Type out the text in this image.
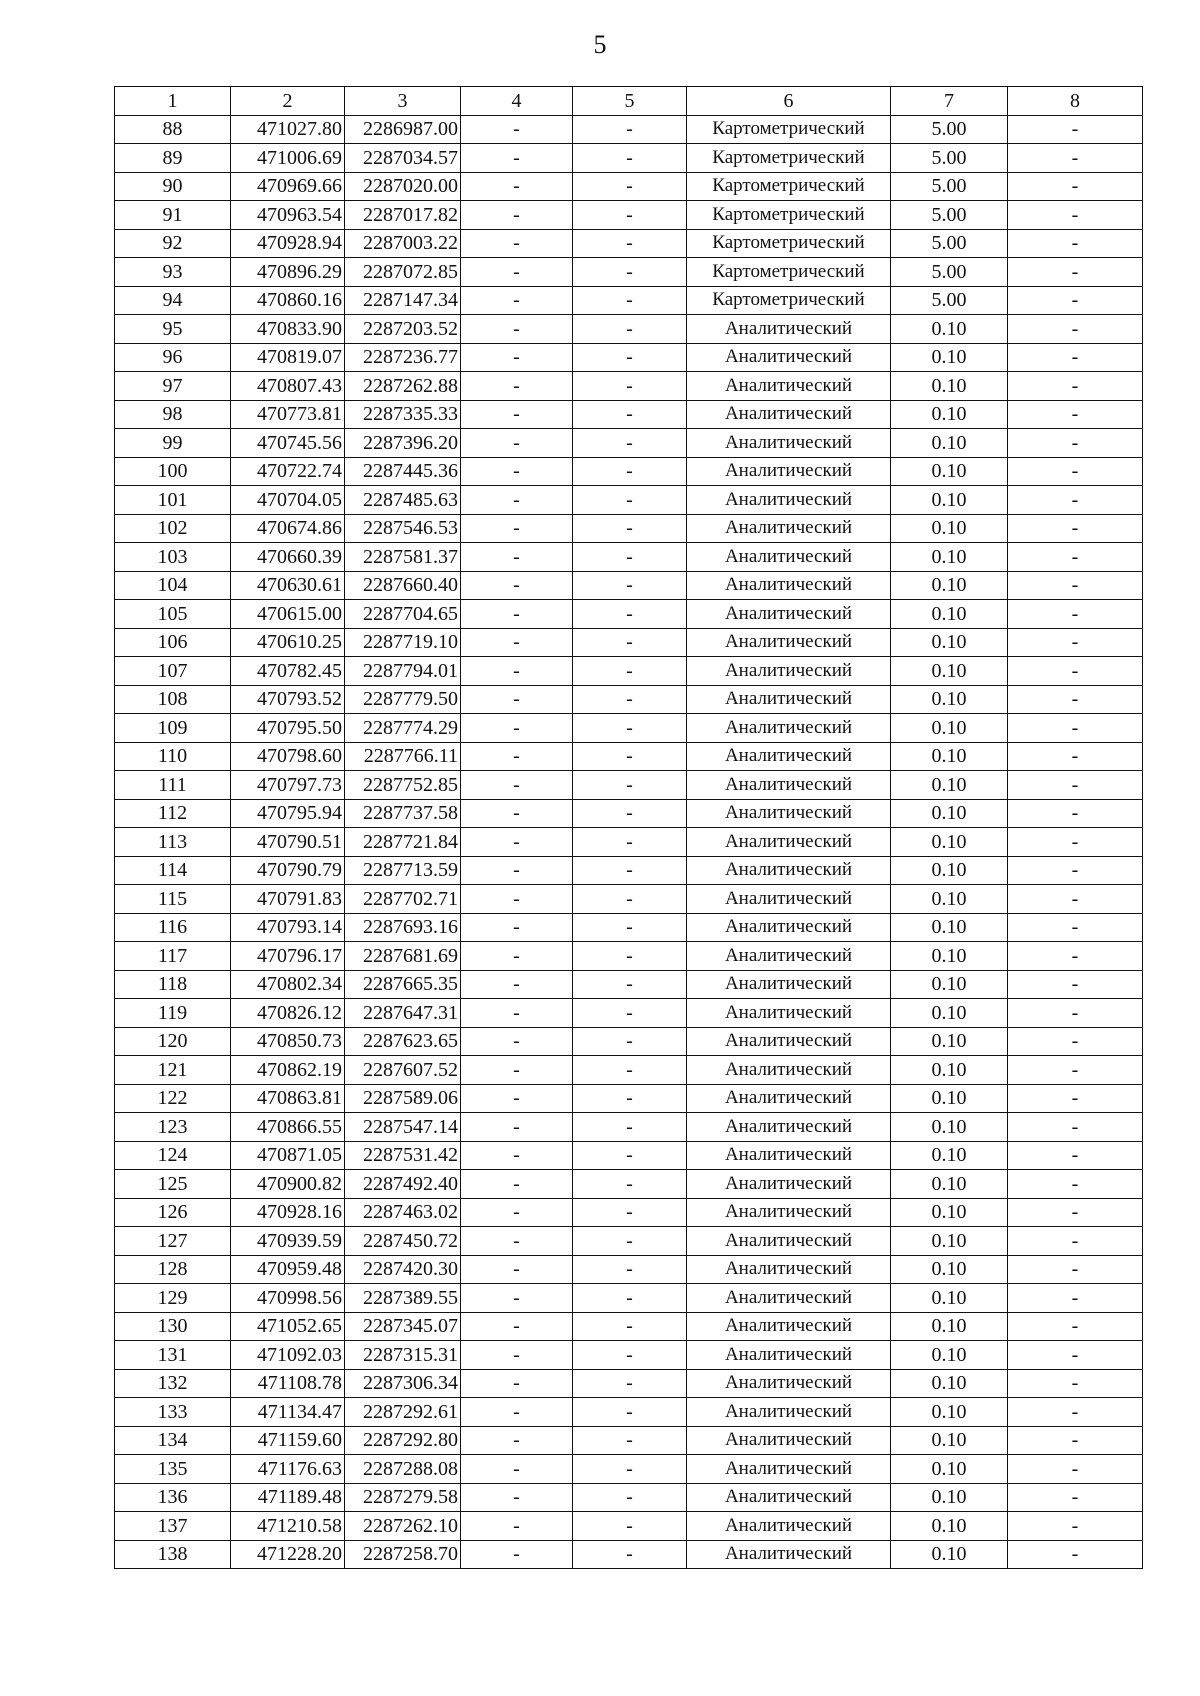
5
1	2	3	4	5	6	7	8
88	471027.80	2286987.00	-	-	Картометрический	5.00	-
89	471006.69	2287034.57	-	-	Картометрический	5.00	-
90	470969.66	2287020.00	-	-	Картометрический	5.00	-
91	470963.54	2287017.82	-	-	Картометрический	5.00	-
92	470928.94	2287003.22	-	-	Картометрический	5.00	-
93	470896.29	2287072.85	-	-	Картометрический	5.00	-
94	470860.16	2287147.34	-	-	Картометрический	5.00	-
95	470833.90	2287203.52	-	-	Аналитический	0.10	-
96	470819.07	2287236.77	-	-	Аналитический	0.10	-
97	470807.43	2287262.88	-	-	Аналитический	0.10	-
98	470773.81	2287335.33	-	-	Аналитический	0.10	-
99	470745.56	2287396.20	-	-	Аналитический	0.10	-
100	470722.74	2287445.36	-	-	Аналитический	0.10	-
101	470704.05	2287485.63	-	-	Аналитический	0.10	-
102	470674.86	2287546.53	-	-	Аналитический	0.10	-
103	470660.39	2287581.37	-	-	Аналитический	0.10	-
104	470630.61	2287660.40	-	-	Аналитический	0.10	-
105	470615.00	2287704.65	-	-	Аналитический	0.10	-
106	470610.25	2287719.10	-	-	Аналитический	0.10	-
107	470782.45	2287794.01	-	-	Аналитический	0.10	-
108	470793.52	2287779.50	-	-	Аналитический	0.10	-
109	470795.50	2287774.29	-	-	Аналитический	0.10	-
110	470798.60	2287766.11	-	-	Аналитический	0.10	-
111	470797.73	2287752.85	-	-	Аналитический	0.10	-
112	470795.94	2287737.58	-	-	Аналитический	0.10	-
113	470790.51	2287721.84	-	-	Аналитический	0.10	-
114	470790.79	2287713.59	-	-	Аналитический	0.10	-
115	470791.83	2287702.71	-	-	Аналитический	0.10	-
116	470793.14	2287693.16	-	-	Аналитический	0.10	-
117	470796.17	2287681.69	-	-	Аналитический	0.10	-
118	470802.34	2287665.35	-	-	Аналитический	0.10	-
119	470826.12	2287647.31	-	-	Аналитический	0.10	-
120	470850.73	2287623.65	-	-	Аналитический	0.10	-
121	470862.19	2287607.52	-	-	Аналитический	0.10	-
122	470863.81	2287589.06	-	-	Аналитический	0.10	-
123	470866.55	2287547.14	-	-	Аналитический	0.10	-
124	470871.05	2287531.42	-	-	Аналитический	0.10	-
125	470900.82	2287492.40	-	-	Аналитический	0.10	-
126	470928.16	2287463.02	-	-	Аналитический	0.10	-
127	470939.59	2287450.72	-	-	Аналитический	0.10	-
128	470959.48	2287420.30	-	-	Аналитический	0.10	-
129	470998.56	2287389.55	-	-	Аналитический	0.10	-
130	471052.65	2287345.07	-	-	Аналитический	0.10	-
131	471092.03	2287315.31	-	-	Аналитический	0.10	-
132	471108.78	2287306.34	-	-	Аналитический	0.10	-
133	471134.47	2287292.61	-	-	Аналитический	0.10	-
134	471159.60	2287292.80	-	-	Аналитический	0.10	-
135	471176.63	2287288.08	-	-	Аналитический	0.10	-
136	471189.48	2287279.58	-	-	Аналитический	0.10	-
137	471210.58	2287262.10	-	-	Аналитический	0.10	-
138	471228.20	2287258.70	-	-	Аналитический	0.10	-
